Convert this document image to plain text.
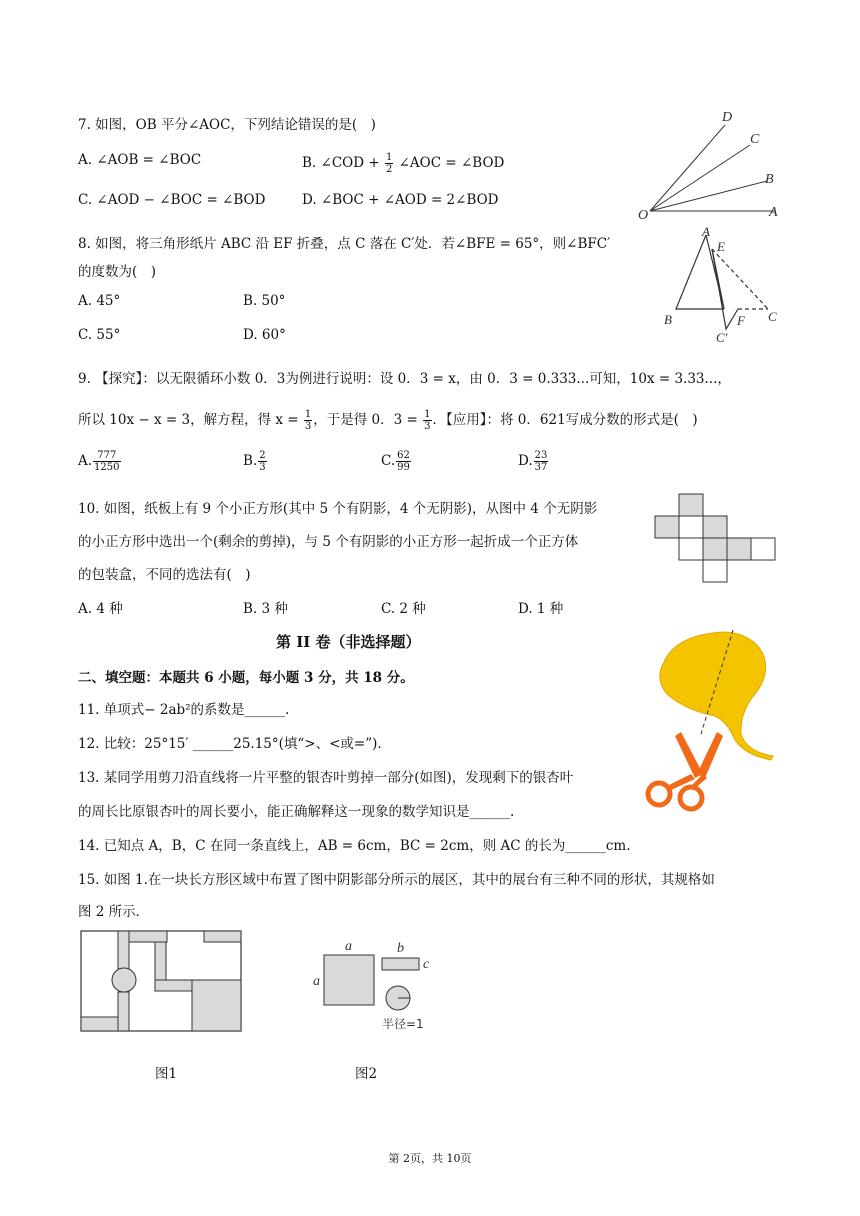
7. 如图，OB 平分∠AOC，下列结论错误的是(　)
A. ∠AOB = ∠BOC	B. ∠COD + $\frac{1}{2}$ ∠AOC = ∠BOD
C. ∠AOD − ∠BOC = ∠BOD	D. ∠BOC + ∠AOD = 2∠BOD
D
C
B
O	A
8. 如图，将三角形纸片 ABC 沿 EF 折叠，点 C 落在 C′处．若∠BFE = 65°，则∠BFC′
的度数为(　)
A. 45°	B. 50°
C. 55°	D. 60°
A
E
B
C′
F C
9. 【探究】：以无限循环小数 0．3为例进行说明：设 0．3 = x，由 0．3 = 0.333...可知，10x = 3.33...，
所以 10x − x = 3，解方程，得 $x = \frac{1}{3}$ ，于是得 0．$3 = \frac{1}{3}$ ．【应用】：将 0．621写成分数的形式是(　)
A. $\frac{777}{1250}$	B. $\frac{2}{3}$	C. $\frac{62}{99}$	D. $\frac{23}{37}$
10. 如图，纸板上有 9 个小正方形(其中 5 个有阴影，4 个无阴影)，从图中 4 个无阴影
的小正方形中选出一个(剩余的剪掉)，与 5 个有阴影的小正方形一起折成一个正方体
的包装盒，不同的选法有(　)
A. 4 种	B. 3 种	C. 2 种	D. 1 种
第 II 卷（非选择题）
二、填空题：本题共 6 小题，每小题 3 分，共 18 分。
11. 单项式− 2ab²的系数是______.
12. 比较：25°15′ ______25.15°(填“>、<或=”)．
13. 某同学用剪刀沿直线将一片平整的银杏叶剪掉一部分(如图)，发现剩下的银杏叶
的周长比原银杏叶的周长要小，能正确解释这一现象的数学知识是______.
14. 已知点 A，B，C 在同一条直线上，AB = 6cm，BC = 2cm，则 AC 的长为______cm.
15. 如图 1.在一块长方形区域中布置了图中阴影部分所示的展区，其中的展台有三种不同的形状，其规格如
图 2 所示．
a	b
c
a
半径=1
图1	图2
第 2页，共 10页
